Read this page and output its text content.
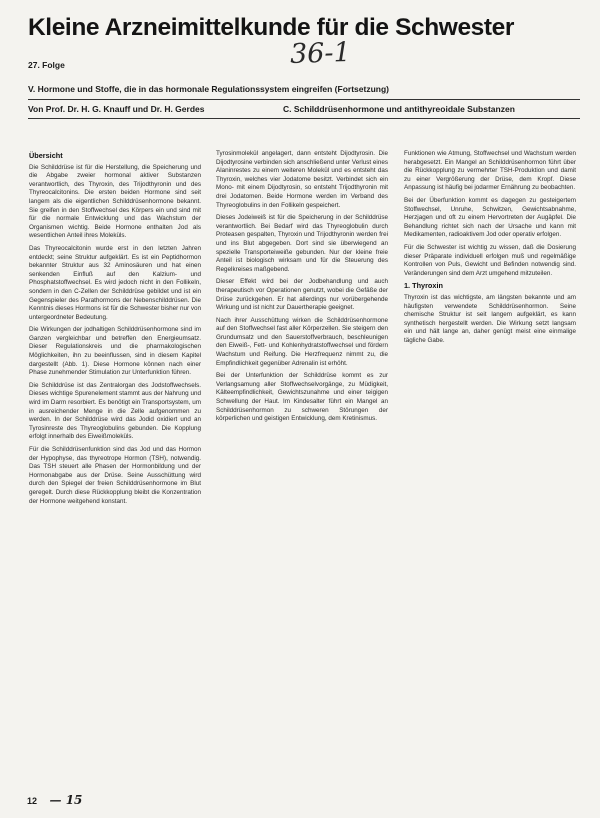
Kleine Arzneimittelkunde für die Schwester
36-1
27. Folge
V. Hormone und Stoffe, die in das hormonale Regulationssystem eingreifen (Fortsetzung)
Von Prof. Dr. H. G. Knauff und Dr. H. Gerdes	C. Schilddrüsenhormone und antithyreoidale Substanzen
Übersicht

Die Schilddrüse ist für die Herstellung, die Speicherung und die Abgabe zweier hormonal aktiver Substanzen verantwortlich, des Thyroxin, des Trijodthyronin und des Thyreocalcitonins. Die ersten beiden Hormone sind seit langem als die eigentlichen Schilddrüsenhormone bekannt. Sie greifen in den Stoffwechsel des Körpers ein und sind mit für die normale Entwicklung und das Wachstum der Organismen wichtig. Beide Hormone enthalten Jod als wesentlichen Anteil ihres Moleküls.

Das Thyreocalcitonin wurde erst in den letzten Jahren entdeckt; seine Struktur aufgeklärt. Es ist ein Peptidhormon bekannter Struktur aus 32 Aminosäuren und hat einen senkenden Einfluß auf den Kalzium- und Phosphatstoffwechsel. Es wird jedoch nicht in den Follikeln, sondern in den C-Zellen der Schilddrüse gebildet und ist ein Gegenspieler des Parathormons der Nebenschilddrüsen. Die Kenntnis dieses Hormons ist für die Schwester bisher nur von untergeordneter Bedeutung.

Die Wirkungen der jodhaltigen Schilddrüsenhormone sind im Ganzen vergleichbar und betreffen den Energieumsatz. Dieser Regulationskreis und die pharmakologischen Möglichkeiten, ihn zu beeinflussen, sind in diesem Kapitel dargestellt (Abb. 1). Diese Hormone können nach einer Phase zunehmender Stimulation zur Unterfunktion führen.

Die Schilddrüse ist das Zentralorgan des Jodstoffwechsels. Dieses wichtige Spurenelement stammt aus der Nahrung und wird im Darm resorbiert. Es benötigt ein Transportsystem, um in ausreichender Menge in die Zelle aufgenommen zu werden. In der Schilddrüse wird das Jodid oxidiert und an Tyrosinreste des Thyreoglobulins gebunden. Die Kopplung erfolgt innerhalb des Eiweißmoleküls.

Für die Schilddrüsenfunktion sind das Jod und das Hormon der Hypophyse, das thyreotrope Hormon (TSH), notwendig. Das TSH steuert alle Phasen der Hormonbildung und der Hormonabgabe aus der Drüse. Seine Ausschüttung wird durch den Spiegel der freien Schilddrüsenhormone im Blut geregelt. Durch diese Rückkopplung bleibt die Konzentration der Hormone weitgehend konstant.

Tyrosinmolekül angelagert, dann entsteht Dijodtyrosin. Die Dijodtyrosine verbinden sich anschließend unter Verlust eines Alaninrestes zu einem weiteren Molekül und es entsteht das Thyroxin, welches vier Jodatome besitzt. Verbindet sich ein Mono- mit einem Dijodtyrosin, so entsteht Trijodthyronin mit drei Jodatomen. Beide Hormone werden im Verband des Thyreoglobulins in den Follikeln gespeichert.

Dieses Jodeiweiß ist für die Speicherung in der Schilddrüse verantwortlich. Bei Bedarf wird das Thyreoglobulin durch Proteasen gespalten, Thyroxin und Trijodthyronin werden frei und ins Blut abgegeben. Dort sind sie überwiegend an spezielle Transporteiweiße gebunden. Nur der kleine freie Anteil ist biologisch wirksam und für die Steuerung des Regelkreises maßgebend.

Dieser Effekt wird bei der Jodbehandlung und auch therapeutisch vor Operationen genutzt, wobei die Gefäße der Drüse zurückgehen. Er hat allerdings nur vorübergehende Wirkung und ist nicht zur Dauertherapie geeignet.

Nach ihrer Ausschüttung wirken die Schilddrüsenhormone auf den Stoffwechsel fast aller Körperzellen. Sie steigern den Grundumsatz und den Sauerstoffverbrauch, beschleunigen den Eiweiß-, Fett- und Kohlenhydratstoffwechsel und fördern Wachstum und Reifung. Die Herzfrequenz nimmt zu, die Empfindlichkeit gegenüber Adrenalin ist erhöht.

Bei der Unterfunktion der Schilddrüse kommt es zur Verlangsamung aller Stoffwechselvorgänge, zu Müdigkeit, Kälteempfindlichkeit, Gewichtszunahme und einer teigigen Schwellung der Haut. Im Kindesalter führt ein Mangel an Schilddrüsenhormon zu schweren Störungen der körperlichen und geistigen Entwicklung, dem Kretinismus.

Funktionen wie Atmung, Stoffwechsel und Wachstum werden herabgesetzt. Ein Mangel an Schilddrüsenhormon führt über die Rückkopplung zu vermehrter TSH-Produktion und damit zu einer Vergrößerung der Drüse, dem Kropf. Diese Anpassung ist häufig bei jodarmer Ernährung zu beobachten.

Bei der Überfunktion kommt es dagegen zu gesteigertem Stoffwechsel, Unruhe, Schwitzen, Gewichtsabnahme, Herzjagen und oft zu einem Hervortreten der Augäpfel. Die Behandlung richtet sich nach der Ursache und kann mit Medikamenten, radioaktivem Jod oder operativ erfolgen.

Für die Schwester ist wichtig zu wissen, daß die Dosierung dieser Präparate individuell erfolgen muß und regelmäßige Kontrollen von Puls, Gewicht und Befinden notwendig sind. Veränderungen sind dem Arzt umgehend mitzuteilen.

1. Thyroxin

Thyroxin ist das wichtigste, am längsten bekannte und am häufigsten verwendete Schilddrüsenhormon. Seine chemische Struktur ist seit langem aufgeklärt, es kann synthetisch hergestellt werden. Die Wirkung setzt langsam ein und hält lange an, daher genügt meist eine einmalige tägliche Gabe.

12 — 15
